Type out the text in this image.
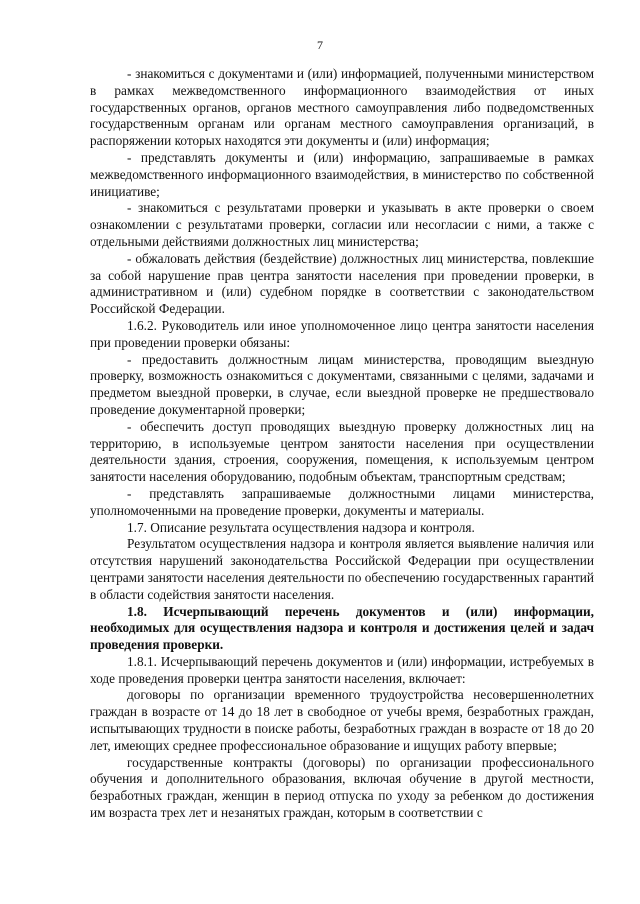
7

- знакомиться с документами и (или) информацией, полученными министерством в рамках межведомственного информационного взаимодействия от иных государственных органов, органов местного самоуправления либо подведомственных государственным органам или органам местного самоуправления организаций, в распоряжении которых находятся эти документы и (или) информация;

- представлять документы и (или) информацию, запрашиваемые в рамках межведомственного информационного взаимодействия, в министерство по собственной инициативе;

- знакомиться с результатами проверки и указывать в акте проверки о своем ознакомлении с результатами проверки, согласии или несогласии с ними, а также с отдельными действиями должностных лиц министерства;

- обжаловать действия (бездействие) должностных лиц министерства, повлекшие за собой нарушение прав центра занятости населения при проведении проверки, в административном и (или) судебном порядке в соответствии с законодательством Российской Федерации.

1.6.2. Руководитель или иное уполномоченное лицо центра занятости населения при проведении проверки обязаны:

- предоставить должностным лицам министерства, проводящим выездную проверку, возможность ознакомиться с документами, связанными с целями, задачами и предметом выездной проверки, в случае, если выездной проверке не предшествовало проведение документарной проверки;

- обеспечить доступ проводящих выездную проверку должностных лиц на территорию, в используемые центром занятости населения при осуществлении деятельности здания, строения, сооружения, помещения, к используемым центром занятости населения оборудованию, подобным объектам, транспортным средствам;

- представлять запрашиваемые должностными лицами министерства, уполномоченными на проведение проверки, документы и материалы.

1.7. Описание результата осуществления надзора и контроля.

Результатом осуществления надзора и контроля является выявление наличия или отсутствия нарушений законодательства Российской Федерации при осуществлении центрами занятости населения деятельности по обеспечению государственных гарантий в области содействия занятости населения.

1.8. Исчерпывающий перечень документов и (или) информации, необходимых для осуществления надзора и контроля и достижения целей и задач проведения проверки.

1.8.1. Исчерпывающий перечень документов и (или) информации, истребуемых в ходе проведения проверки центра занятости населения, включает:

договоры по организации временного трудоустройства несовершеннолетних граждан в возрасте от 14 до 18 лет в свободное от учебы время, безработных граждан, испытывающих трудности в поиске работы, безработных граждан в возрасте от 18 до 20 лет, имеющих среднее профессиональное образование и ищущих работу впервые;

государственные контракты (договоры) по организации профессионального обучения и дополнительного образования, включая обучение в другой местности, безработных граждан, женщин в период отпуска по уходу за ребенком до достижения им возраста трех лет и незанятых граждан, которым в соответствии с
